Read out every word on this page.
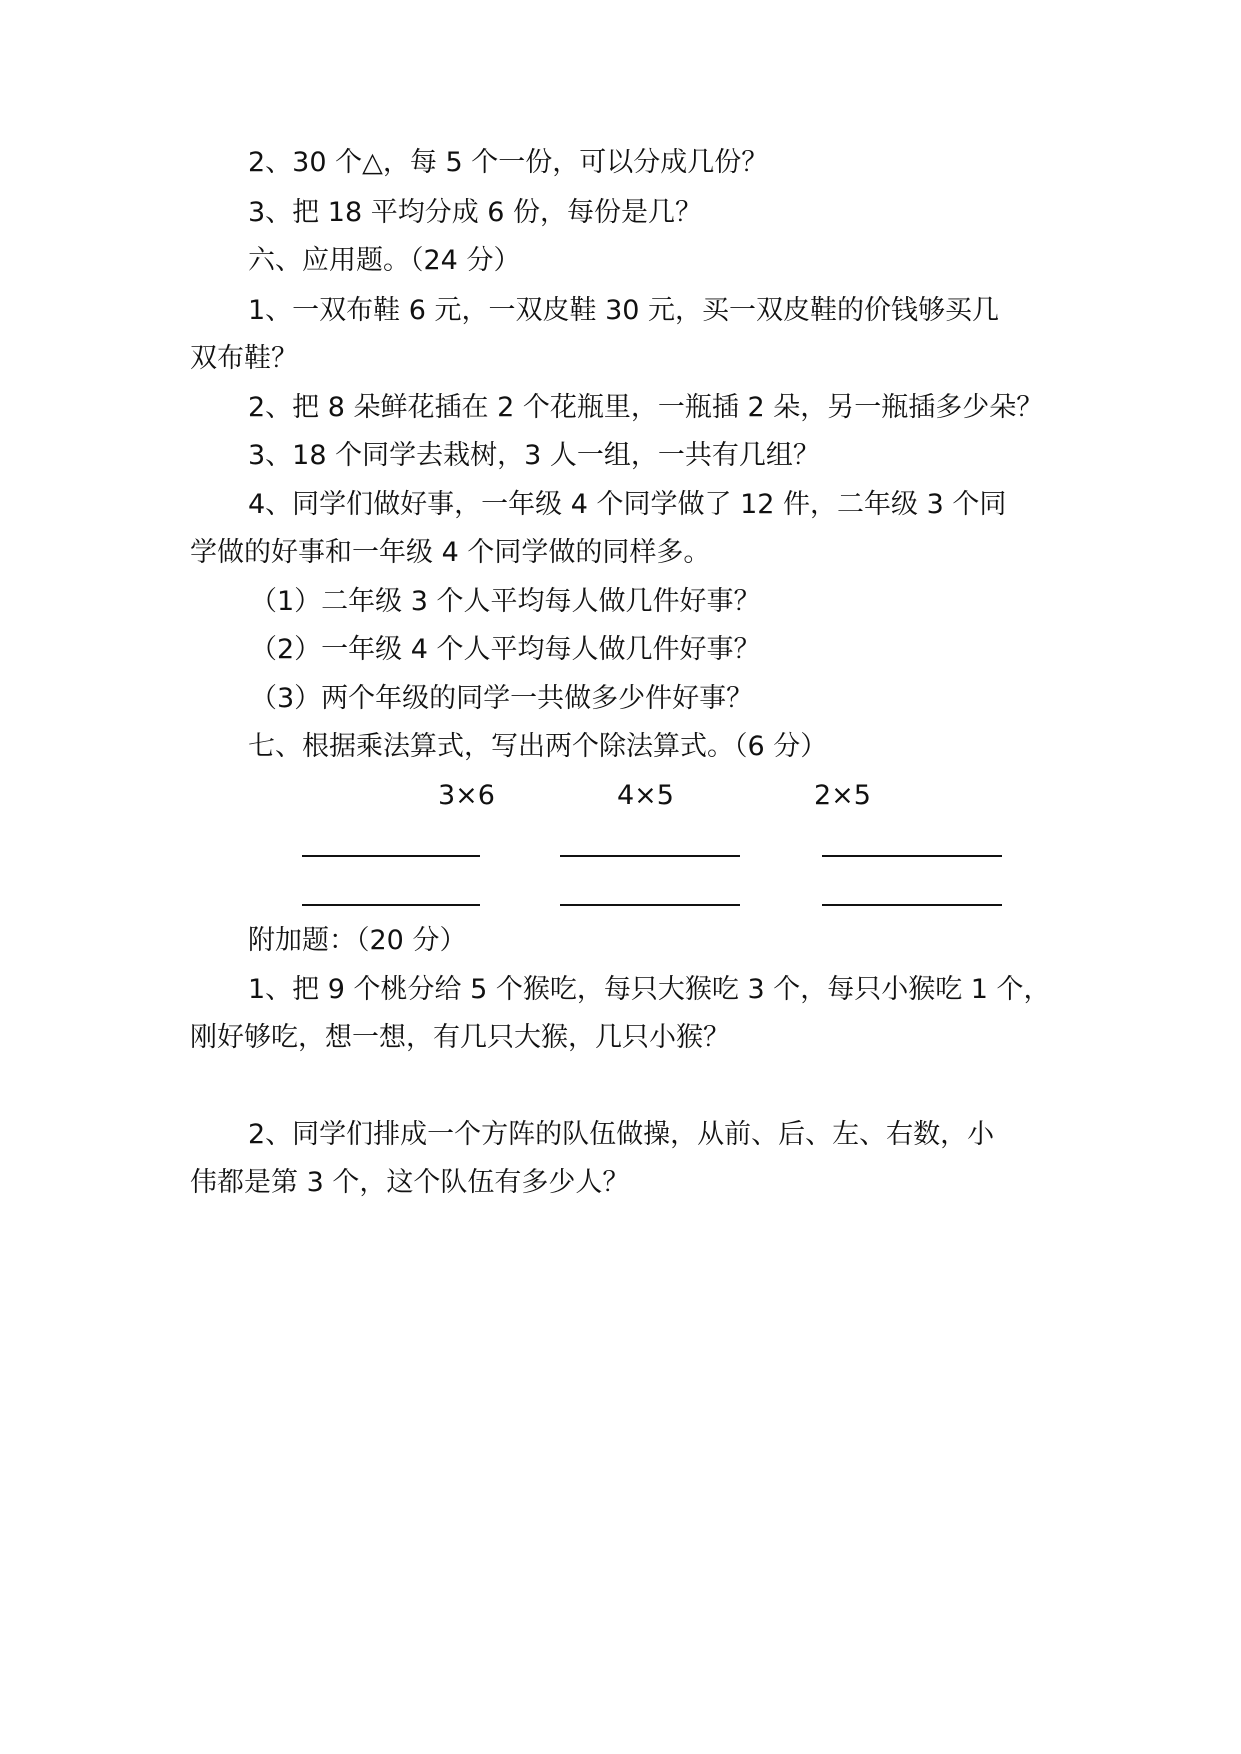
2、30 个△，每 5 个一份，可以分成几份？

3、把 18 平均分成 6 份，每份是几？

六、应用题。（24 分）

1、一双布鞋 6 元，一双皮鞋 30 元，买一双皮鞋的价钱够买几

双布鞋？

2、把 8 朵鲜花插在 2 个花瓶里，一瓶插 2 朵，另一瓶插多少朵？

3、18 个同学去栽树，3 人一组，一共有几组？

4、同学们做好事，一年级 4 个同学做了 12 件，二年级 3 个同

学做的好事和一年级 4 个同学做的同样多。

（1）二年级 3 个人平均每人做几件好事？

（2）一年级 4 个人平均每人做几件好事？

（3）两个年级的同学一共做多少件好事？

七、根据乘法算式，写出两个除法算式。（6 分）

3×6	4×5	2×5

附加题：（20 分）

1、把 9 个桃分给 5 个猴吃，每只大猴吃 3 个，每只小猴吃 1 个，

刚好够吃，想一想，有几只大猴，几只小猴？

2、同学们排成一个方阵的队伍做操，从前、后、左、右数，小

伟都是第 3 个，这个队伍有多少人？
